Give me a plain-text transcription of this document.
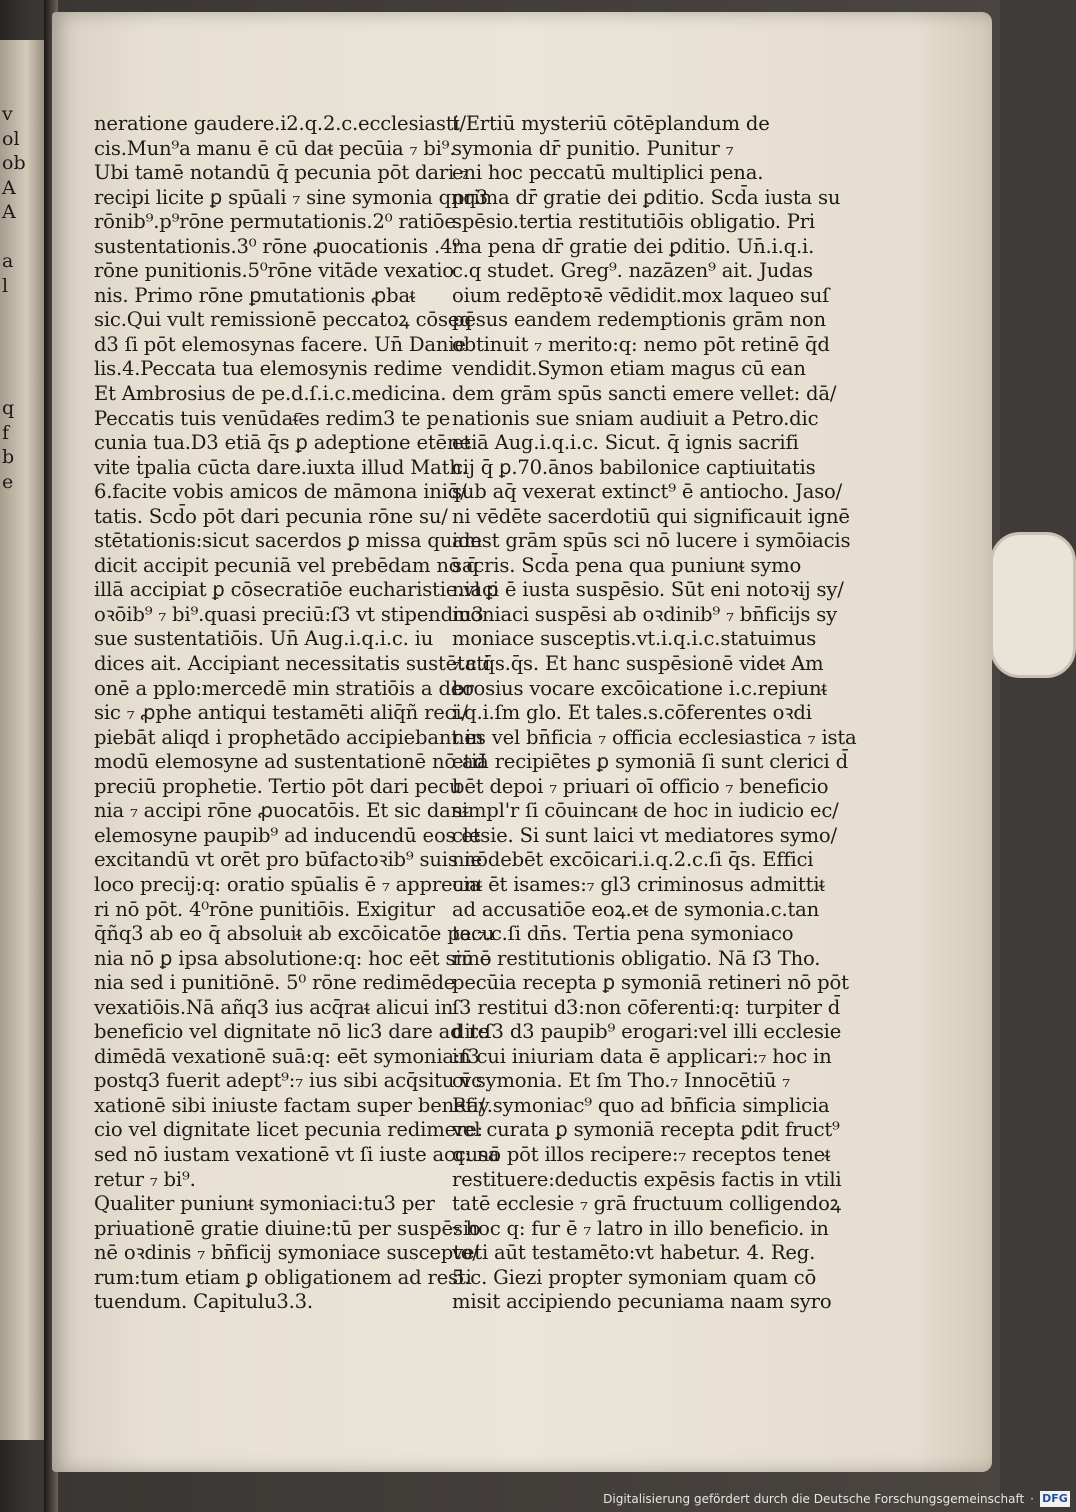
v
ol
ob
A
A
a
l
q
f
b
e
neratione gaudere.i2.q.2.c.ecclesiasti/
cis.Mun⁹a manu ē cū daᵵ pecūia ₇ bi⁹.
Ubi tamē notandū q̄ pecunia pōt dari ₇
recipi licite ꝑ spūali ₇ sine symonia qnq3
rōnib⁹.p⁹rōne permutationis.2⁰ ratiōe
sustentationis.3⁰ rōne ꝓuocationis .4⁰
rōne punitionis.5⁰rōne vitāde vexatio
nis. Primo rōne ꝑmutationis ꝓbaᵵ
sic.Qui vult remissionē peccatoꝝ cōseq
d3 ſi pōt elemosynas facere. Un̄ Danie
lis.4.Peccata tua elemosynis redime
Et Ambrosius de pe.d.ſ.i.c.medicina.
Peccatis tuis venūdaᵵ̄es redim3 te pe
cunia tua.D3 etiā q̄s ꝑ adeptione etēne
vite ṫpalia cūcta dare.iuxta illud Math.
6.facite vobis amicos de māmona iniq̄/
tatis. Scd̄o pōt dari pecunia rōne su/
stētationis:sicut sacerdos ꝑ missa quam
dicit accipit pecuniā vel prebēdam nō q̄
illā accipiat ꝑ cōsecratiōe eucharistie.vł ꝑ
oꝛōib⁹ ₇ bi⁹.quasi preciū:ſ3 vt stipendiu3
sue sustentatiōis. Un̄ Aug.i.q.i.c. iu
dices ait. Accipiant necessitatis sustētati
onē a pplo:mercedē min stratiōis a deo
sic ₇ ꝓphe antiqui testamēti aliq̄ñ reci/
piebāt aliqd i prophetādo accipiebant in
modū elemosyne ad sustentationē nō ad
preciū prophetie. Tertio pōt dari pecu
nia ₇ accipi rōne ꝓuocatōis. Et sic danᵵ
elemosyne paupib⁹ ad inducendū eos et
excitandū vt orēt pro būfactoꝛib⁹ suis nō
loco precij:q: oratio spūalis ē ₇ apprecia
ri nō pōt. 4⁰rōne punitiōis. Exigitur
q̄ñq3 ab eo q̄ absoluiᵵ ab excōicatōe pecu
nia nō ꝑ ipsa absolutione:q: hoc eēt simo
nia sed i punitiōnē. 5⁰ rōne redimēde
vexatiōis.Nā añq3 ius acq̄raᵵ alicui in
beneficio vel dignitate nō lic3 dare ad re
dimēdā vexationē suā:q: eēt symonia:ſ3
postq3 fuerit adept⁹:₇ ius sibi acq̄situ vc
xationē sibi iniuste factam super benefi/
cio vel dignitate licet pecunia redimere:
sed nō iustam vexationē vt ſi iuste accusa
retur ₇ bi⁹.
Qualiter puniunᵵ symoniaci:tu3 per
priuationē gratie diuine:tū per suspēsio
nē oꝛdinis ₇ bn̄ficij symoniace suscepto/
rum:tum etiam ꝑ obligationem ad resti
tuendum. Capitulu3.3.
t Ertiū mysteriū cōtēplandum de
symonia dr̄ punitio. Punitur ₇
eni hoc peccatū multiplici pena.
prima dr̄ gratie dei ꝑditio. Scd̄a iusta su
spēsio.tertia restitutiōis obligatio. Pri
ma pena dr̄ gratie dei ꝑditio. Un̄.i.q.i.
c.q studet. Greg⁹. nazāzen⁹ ait. Judas
oium redēptoꝛē vēdidit.mox laqueo suſ
pēsus eandem redemptionis grām non
obtinuit ₇ merito:q: nemo pōt retinē q̄d
vendidit.Symon etiam magus cū ean
dem grām spūs sancti emere vellet: dā/
nationis sue sniam audiuit a Petro.dic
etiā Aug.i.q.i.c. Sicut. q̄ ignis sacrifi
cij q̄ ꝑ.70.ānos babilonice captiuitatis
sub aq̄ vexerat extinct⁹ ē antiocho. Jaso/
ni vēdēte sacerdotiū qui significauit ignē
idest grām spūs sci nō lucere i symōiacis
sacris. Scd̄a pena qua puniunᵵ symo
niaci ē iusta suspēsio. Sūt eni notoꝛij sy/
moniaci suspēsi ab oꝛdinib⁹ ₇ bn̄ficijs sy
moniace susceptis.vt.i.q.i.c.statuimus
₇.c.q̄s.q̄s. Et hanc suspēsionē videᵵ Am
brosius vocare excōicatione i.c.repiunᵵ
i.q.i.ſm glo. Et tales.s.cōferentes oꝛdi
nes vel bn̄ficia ₇ officia ecclesiastica ₇ ista
etiā recipiētes ꝑ symoniā ſi sunt clerici d̄
bēt depoi ₇ priuari oī officio ₇ beneficio
simpl'r ſi cōuincanᵵ de hoc in iudicio ec/
clesie. Si sunt laici vt mediatores symo/
nie debēt excōicari.i.q.2.c.ſi q̄s. Effici
unᵵ ēt isames:₇ gl3 criminosus admittiᵵ
ad accusatiōe eoꝝ.eᵵ de symonia.c.tan
ta.₇.c.ſi dn̄s. Tertia pena symoniaco
rū ē restitutionis obligatio. Nā ſ3 Tho.
pecūia recepta ꝑ symoniā retineri nō pōt
ſ3 restitui d3:non cōferenti:q: turpiter d̄
dit:ſ3 d3 paupib⁹ erogari:vel illi ecclesie
in cui iniuriam data ē applicari:₇ hoc in
oī symonia. Et ſm Tho.₇ Innocētiū ₇
Ray.symoniac⁹ quo ad bn̄ficia simplicia
vel curata ꝑ symoniā recepta ꝑdit fruct⁹
q: nō pōt illos recipere:₇ receptos teneᵵ
restituere:deductis expēsis factis in vtili
tatē ecclesie ₇ grā fructuum colligendoꝝ
₇ hoc q: fur ē ₇ latro in illo beneficio. in
veti aūt testamēto:vt habetur. 4. Reg.
5.c. Giezi propter symoniam quam cō
misit accipiendo pecuniama naam syro
Digitalisierung gefördert durch die Deutsche Forschungsgemeinschaft · DFG
